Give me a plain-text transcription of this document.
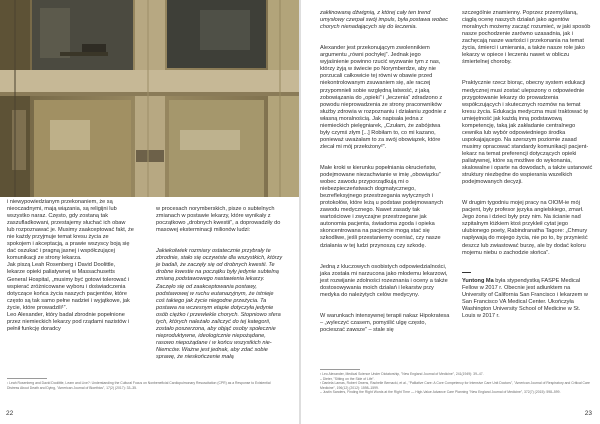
i niewypowiedzianym przekonaniem, że są nieoczadnymi, mają wiązania, są religijni lub wszystko naraz. Często, gdy zostaną tak zaszufladkowani, przestajemy słuchać ich obaw lub rozpoznawać je. Musimy zaakceptować fakt, że nie każdy przyjmuje temat kresu życia ze spokojem i akceptacją, a prawie wszyscy boją się dać oszukać i pragną jasnej i współczującej komunikacji ze strony lekarza.
Jak piszą Leah Rosenberg i David Doolittle, lekarze opieki paliatywnej w Massachusetts General Hospital, „musimy być gotowi tolerować i wspierać zróżnicowane wyboru i doświadczenia dotyczące końca życia naszych pacjentów, które często są tak samo pełne nadziei i wyjątkowe, jak życie, które prowadzili¹”.
Leo Alexander, który badał zbrodnie popełnione przez niemieckich lekarzy pod rządami nazistów i pełnił funkcję doradcy

w procesach norymberskich, pisze o subtelnych zmianach w postawie lekarzy, które wynikały z początkowo „drobnych kwestii”, a doprowadziły do masowej eksterminacji milionów ludzi:

Jakiekolwiek rozmiary ostatecznie przybrały te zbrodnie, stało się oczywiste dla wszystkich, którzy je badali, że zaczęły się od drobnych kwestii. Te drobne kwestie na początku były jedynie subtelną zmianą podstawowego nastawienia lekarzy. Zaczęło się od zaakceptowania postawy, podstawowej w ruchu eutanazyjnym, że istnieje coś takiego jak życie niegodne przeżycia. Ta postawa na wczesnym etapie dotyczyła jedynie osób ciężko i przewlekle chorych. Stopniowo sfera tych, których należało zaliczyć do tej kategorii, zostało poszerzona, aby objąć osoby społecznie nieproduktywne, ideologicznie niepożądane, rasowo niepożądane i w końcu wszystkich nie-Niemców. Ważne jest jednak, aby zdać sobie sprawę, że nieskończenie małą

¹ Leah Rosenberg and David Doolittle, Learn and Live?: Understanding the Cultural Focus on Nonbeneficial Cardiopulmonary Resuscitation (CPR) as a Response to Existential Distress About Death and Dying, "American Journal of Bioethics", 17(2) (2017): 33–35.
22

zakłinowaną dźwignią, z której cały ten trend umysłowy czerpał swój impuls, była postawa wobec chorych nienadających się do leczenia.

Alexander jest przekonującym zwolennikiem argumentu „równi pochyłej”. Jednak jego wyjaśnienie powinno rzucić wyzwanie tym z nas, którzy żyją w świecie po Norymberdze, aby nie porzucali całkowicie tej równi w obawie przed niekontrolowanym zsuwaniem się, ale raczej przypomnieli sobie względną łatwość, z jaką zobowiązania do „opieki” i „leczenia” zdradzono z powodu nieprowadzenia ze strony praconwników służby zdrowia w rozpoznaniu i działaniu zgodnie z własną moralnością. Jak napisała jedna z niemieckich pielęgniarek, „Czułam, że zabójstwa były czymś złym [...] Robiłam to, co mi kazano, ponieważ uważałam to za swój obowiązek, które zlecał mi mój przełożony²”.

Małe kroki w kierunku popełniania okrucieństw, podejmowane niezachwianie w imię „obowiązku” wobec zawodu przyporządkują mi o niebezpieczeństwach dogmatycznego, bezrefleksyjnego przestrzegania wytycznych i protokołów, które leżą u podstaw podejmowanych zawodu medycznego. Nawet zasady tak wartościowe i zwyczajne przestrzegane jak autonomia pacjenta, świadoma zgoda i opieka skoncentrowana na pacjencie mogą stać się szkodliwe, jeśli przestaniemy oceniać, czy nasze działania w tej ludzi przynoszą czy szkodę.

Jedną z kluczowych osobistych odpowiedzialności, jaka została mi narzucona jako młodemu lekarzowi, jest rozwijanie zdolności rozeznania i oceny a także dostosowywania moich działań i lekarstw przy medyka do należytych celów medycyny.

W warunkach intensywnej terapii nakaz Hipokratesa – „wyleczyć czasem, pomyślić ulgę często, pocieszać zawsze” – stale się

szczególnie znamienny. Poprzez przemyślaną, ciągłą ocenę naszych działań jako agentów moralnych możemy zacząć rozumieć, w jaki sposób nasze pochodzenie zarówno uzasadnia, jak i zachęcają nasze wartości i przekonania na temat życia, śmierci i umierania, a także nasze role jako lekarzy w opiece i leczeniu nawet w obliczu śmiertelnej choroby.

Praktycznie rzecz biorąc, obecny system edukacji medycznej musi zostać ulepszony o odpowiednie przygotowanie lekarzy do prowadzenia współczujących i skutecznych rozmów na temat kresu życia. Edukacja medyczna musi traktować tę umiejętność jak każdą inną podstawową kompetencję, taką jak zakładanie centralnego cewnika lub wybór odpowiedniego środka uspokajającego. Na szerszym poziomie zasad musimy opracować standardy komunikacji pacjent-lekarz na temat preferencji dotyczących opieki paliatywnej, które są możliwe do wykonania, skalowalne i oparte na dowodach, a także ustanowić struktury niezbędne do wspierania wszelkich podejmowanych decyzji.

W drugim tygodniu mojej pracy na OIOM-ie mój pacjent, były profesor języka angielskiego, zmarł. Jego żona i dzieci były przy nim. Na ścianie nad szpitalnym łóżkiem ktoś przykleił cytat jego ulubionego poety, Rabindranatha Tagore: „Chmury napływają do mojego życia, nie po to, by przynieść deszcz lub zwiastować burzę, ale by dodać koloru mojemu niebu o zachodzie słońca”.

Yuntong Ma była stypendystką FASPE Medical Fellow w 2017 r. Obecnie jest adiunktem na University of California San Francisco i lekarzem w San Francisco VA Medical Center. Ukończyła Washington University School of Medicine w St. Louis w 2017 r.

² Leo Alexander, Medical Science Under Dictatorship, "New England Journal of Medicine", 241(1949): 39–47.
– Dieter, "Sitting on the Side of Life".
³ Daniela Lamas, Robert Owens, Rachelle Bernacki, et al., "Palliative Care: A Core Competency for Intensive Care Unit Doctors", "American Journal of Respiratory and Critical Care Medicine", 196(12) (2012): 1598–1599.
– Justin Sanders, Finding the Right Words at the Right Time — High-Value Advance Care Planning "New England Journal of Medicine", 372(7) (2015): 598–599.
23
